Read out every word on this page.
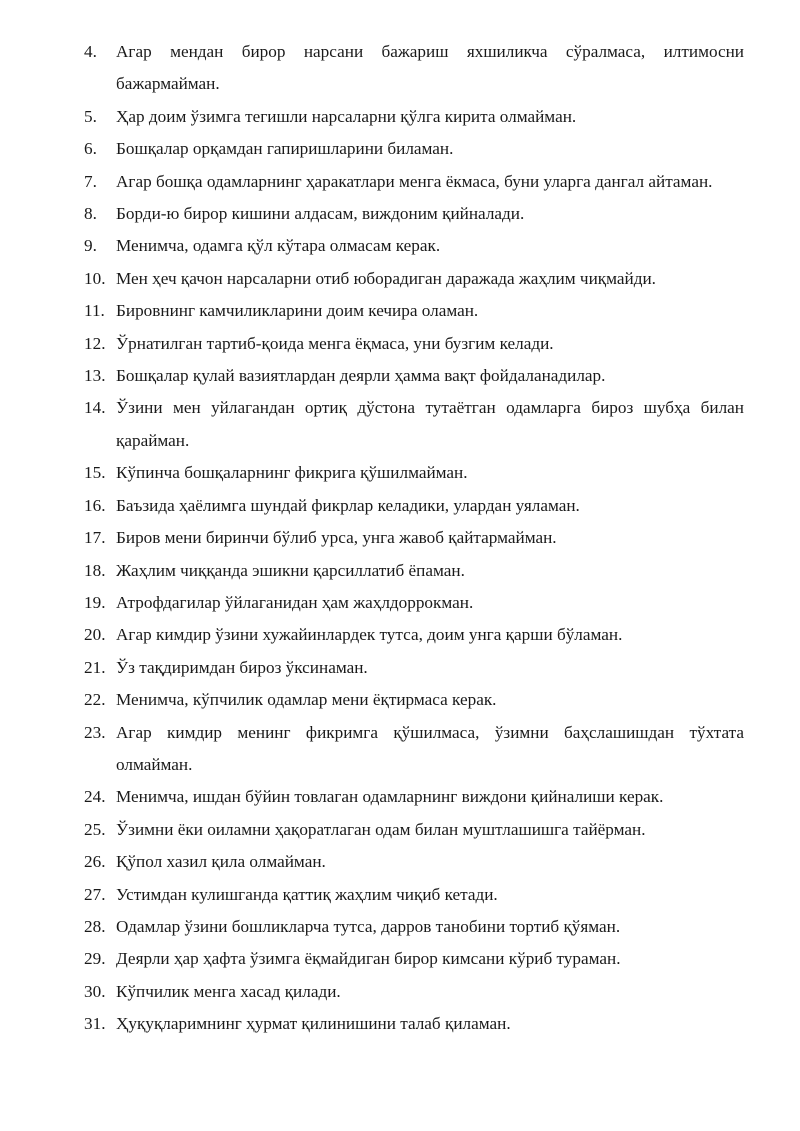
4. Агар мендан бирор нарсани бажариш яхшиликча сўралмаса, илтимосни бажармайман.
5. Ҳар доим ўзимга тегишли нарсаларни қўлга кирита олмайман.
6. Бошқалар орқамдан гапиришларини биламан.
7. Агар бошқа одамларнинг ҳаракатлари менга ёкмаса, буни уларга дангал айтаман.
8. Борди-ю бирор кишини алдасам, виждоним қийналади.
9. Менимча, одамга қўл кўтара олмасам керак.
10. Мен ҳеч қачон нарсаларни отиб юборадиган даражада жаҳлим чиқмайди.
11. Бировнинг камчиликларини доим кечира оламан.
12. Ўрнатилган тартиб-қоида менга ёқмаса, уни бузгим келади.
13. Бошқалар қулай вазиятлардан деярли ҳамма вақт фойдаланадилар.
14. Ўзини мен уйлагандан ортиқ дўстона тутаётган одамларга бироз шубҳа билан қарайман.
15. Кўпинча бошқаларнинг фикрига қўшилмайман.
16. Баъзида ҳаёлимга шундай фикрлар келадики, улардан уяламан.
17. Биров мени биринчи бўлиб урса, унга жавоб қайтармайман.
18. Жаҳлим чиққанда эшикни қарсиллатиб ёпаман.
19. Атрофдагилар ўйлаганидан ҳам жаҳлдоррокман.
20. Агар кимдир ўзини хужайинлардек тутса, доим унга қарши бўламан.
21. Ўз тақдиримдан бироз ўксинаман.
22. Менимча, кўпчилик одамлар мени ёқтирмаса керак.
23. Агар кимдир менинг фикримга қўшилмаса, ўзимни баҳслашишдан тўхтата олмайман.
24. Менимча, ишдан бўйин товлаган одамларнинг виждони қийналиши керак.
25. Ўзимни ёки оиламни ҳақоратлаган одам билан муштлашишга тайёрман.
26. Қўпол хазил қила олмайман.
27. Устимдан кулишганда қаттиқ жаҳлим чиқиб кетади.
28. Одамлар ўзини бошликларча тутса, дарров танобини тортиб қўяман.
29. Деярли ҳар ҳафта ўзимга ёқмайдиган бирор кимсани кўриб тураман.
30. Кўпчилик менга хасад қилади.
31. Ҳуқуқларимнинг ҳурмат қилинишини талаб қиламан.
